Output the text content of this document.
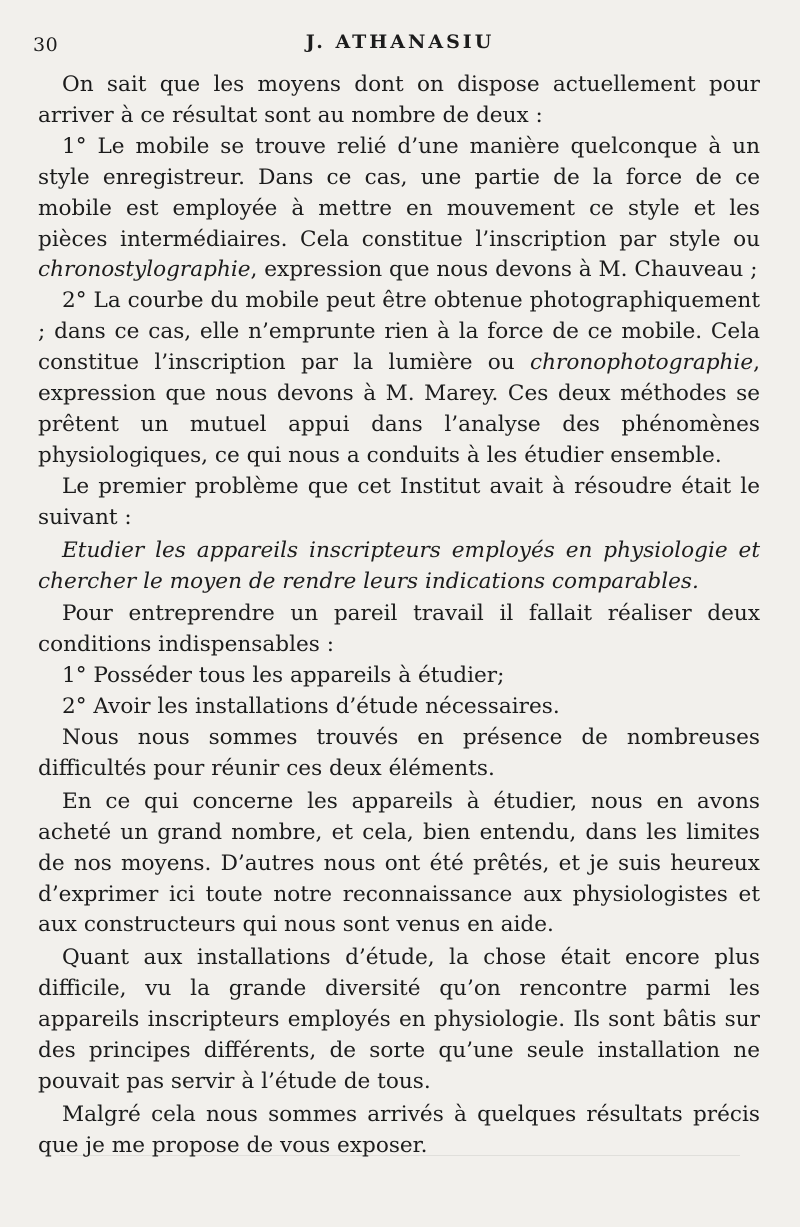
30	J. ATHANASIU

On sait que les moyens dont on dispose actuellement pour arriver à ce résultat sont au nombre de deux :

1° Le mobile se trouve relié d’une manière quelconque à un style enregistreur. Dans ce cas, une partie de la force de ce mobile est employée à mettre en mouvement ce style et les pièces intermédiaires. Cela constitue l’inscription par style ou chronostylographie, expression que nous devons à M. Chauveau ;

2° La courbe du mobile peut être obtenue photographiquement ; dans ce cas, elle n’emprunte rien à la force de ce mobile. Cela constitue l’inscription par la lumière ou chronophotographie, expression que nous devons à M. Marey. Ces deux méthodes se prêtent un mutuel appui dans l’analyse des phénomènes physiologiques, ce qui nous a conduits à les étudier ensemble.

Le premier problème que cet Institut avait à résoudre était le suivant :

Etudier les appareils inscripteurs employés en physiologie et chercher le moyen de rendre leurs indications comparables.

Pour entreprendre un pareil travail il fallait réaliser deux conditions indispensables :

1° Posséder tous les appareils à étudier;

2° Avoir les installations d’étude nécessaires.

Nous nous sommes trouvés en présence de nombreuses difficultés pour réunir ces deux éléments.

En ce qui concerne les appareils à étudier, nous en avons acheté un grand nombre, et cela, bien entendu, dans les limites de nos moyens. D’autres nous ont été prêtés, et je suis heureux d’exprimer ici toute notre reconnaissance aux physiologistes et aux constructeurs qui nous sont venus en aide.

Quant aux installations d’étude, la chose était encore plus difficile, vu la grande diversité qu’on rencontre parmi les appareils inscripteurs employés en physiologie. Ils sont bâtis sur des principes différents, de sorte qu’une seule installation ne pouvait pas servir à l’étude de tous.

Malgré cela nous sommes arrivés à quelques résultats précis que je me propose de vous exposer.
